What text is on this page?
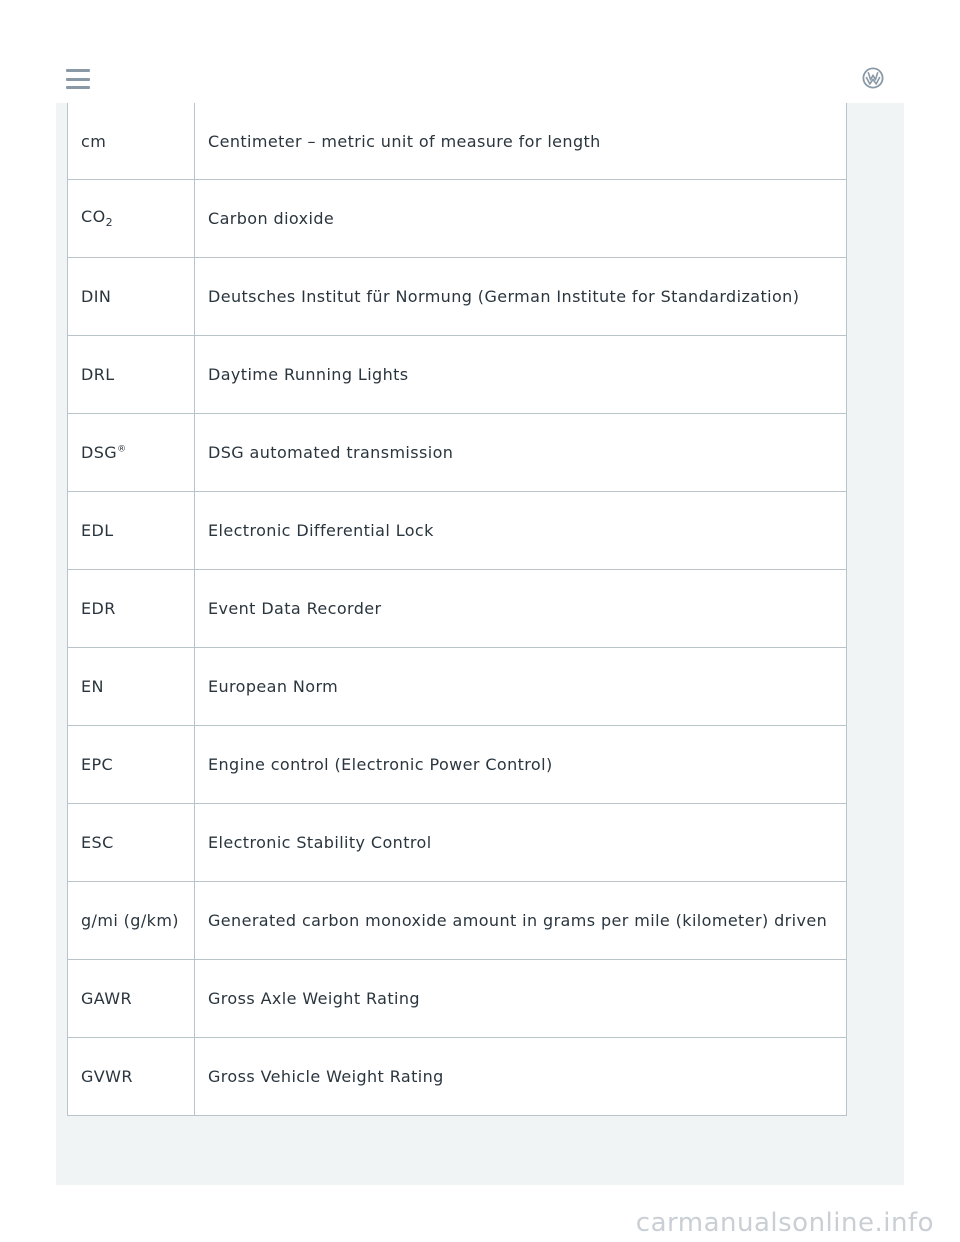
cm	Centimeter – metric unit of measure for length
$CO_2$	Carbon dioxide
DIN	Deutsches Institut für Normung (German Institute for Standardization)
DRL	Daytime Running Lights
DSG®	DSG automated transmission
EDL	Electronic Differential Lock
EDR	Event Data Recorder
EN	European Norm
EPC	Engine control (Electronic Power Control)
ESC	Electronic Stability Control
g/mi (g/km)	Generated carbon monoxide amount in grams per mile (kilometer) driven
GAWR	Gross Axle Weight Rating
GVWR	Gross Vehicle Weight Rating
carmanualsonline.info
